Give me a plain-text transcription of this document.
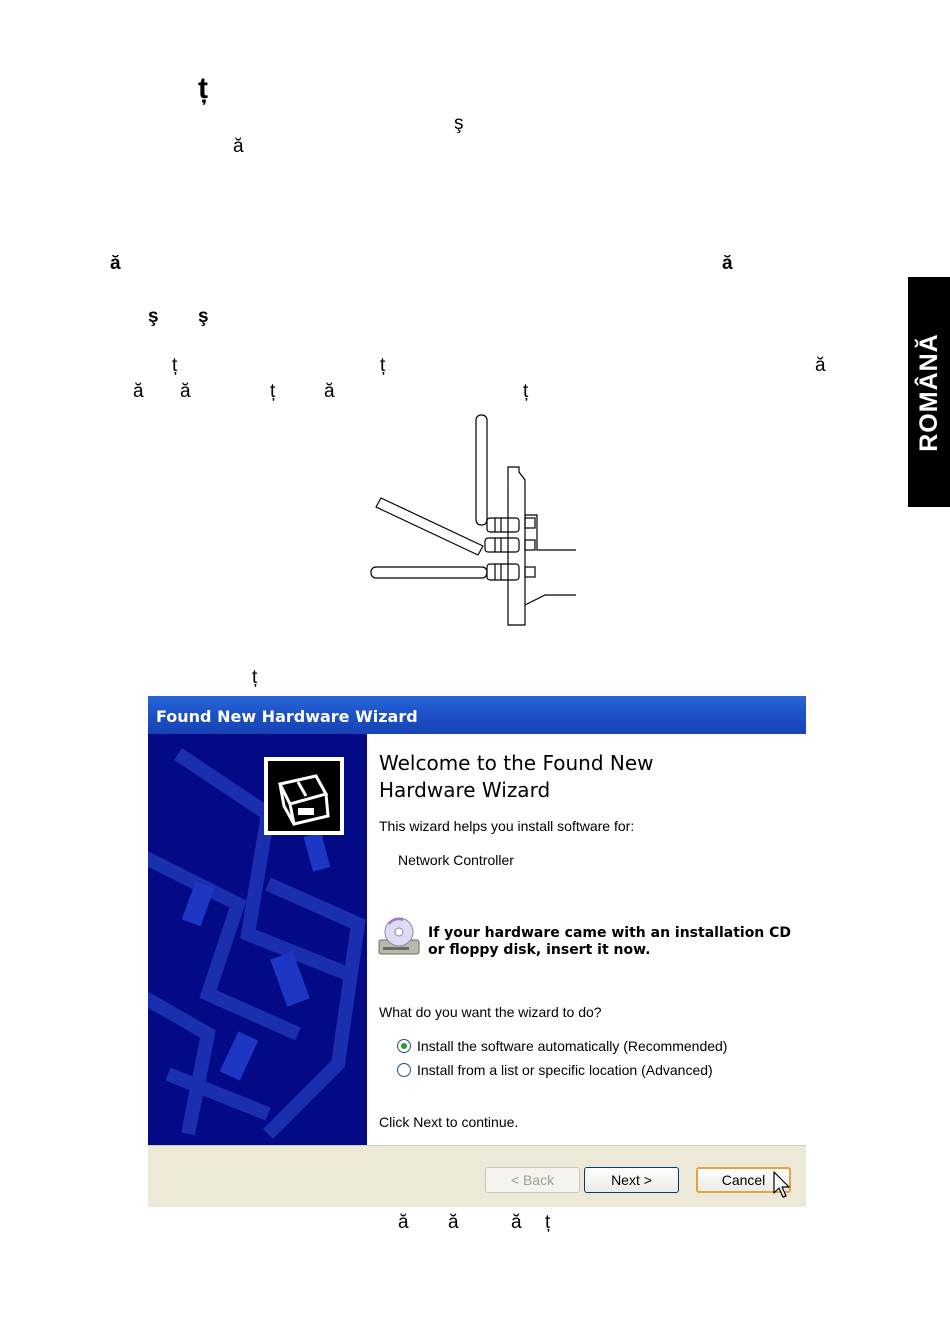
ț
ş
ă
ă	ă
ş ş
ț	ț	ă
ă ă	ț	ă	ț
ț
ă ă	ă ț
ROMÂNĂ
Found New Hardware Wizard
Welcome to the Found New
Hardware Wizard
This wizard helps you install software for:
Network Controller
If your hardware came with an installation CD
or floppy disk, insert it now.
What do you want the wizard to do?
Install the software automatically (Recommended)
Install from a list or specific location (Advanced)
Click Next to continue.
< Back	Next >	Cancel
